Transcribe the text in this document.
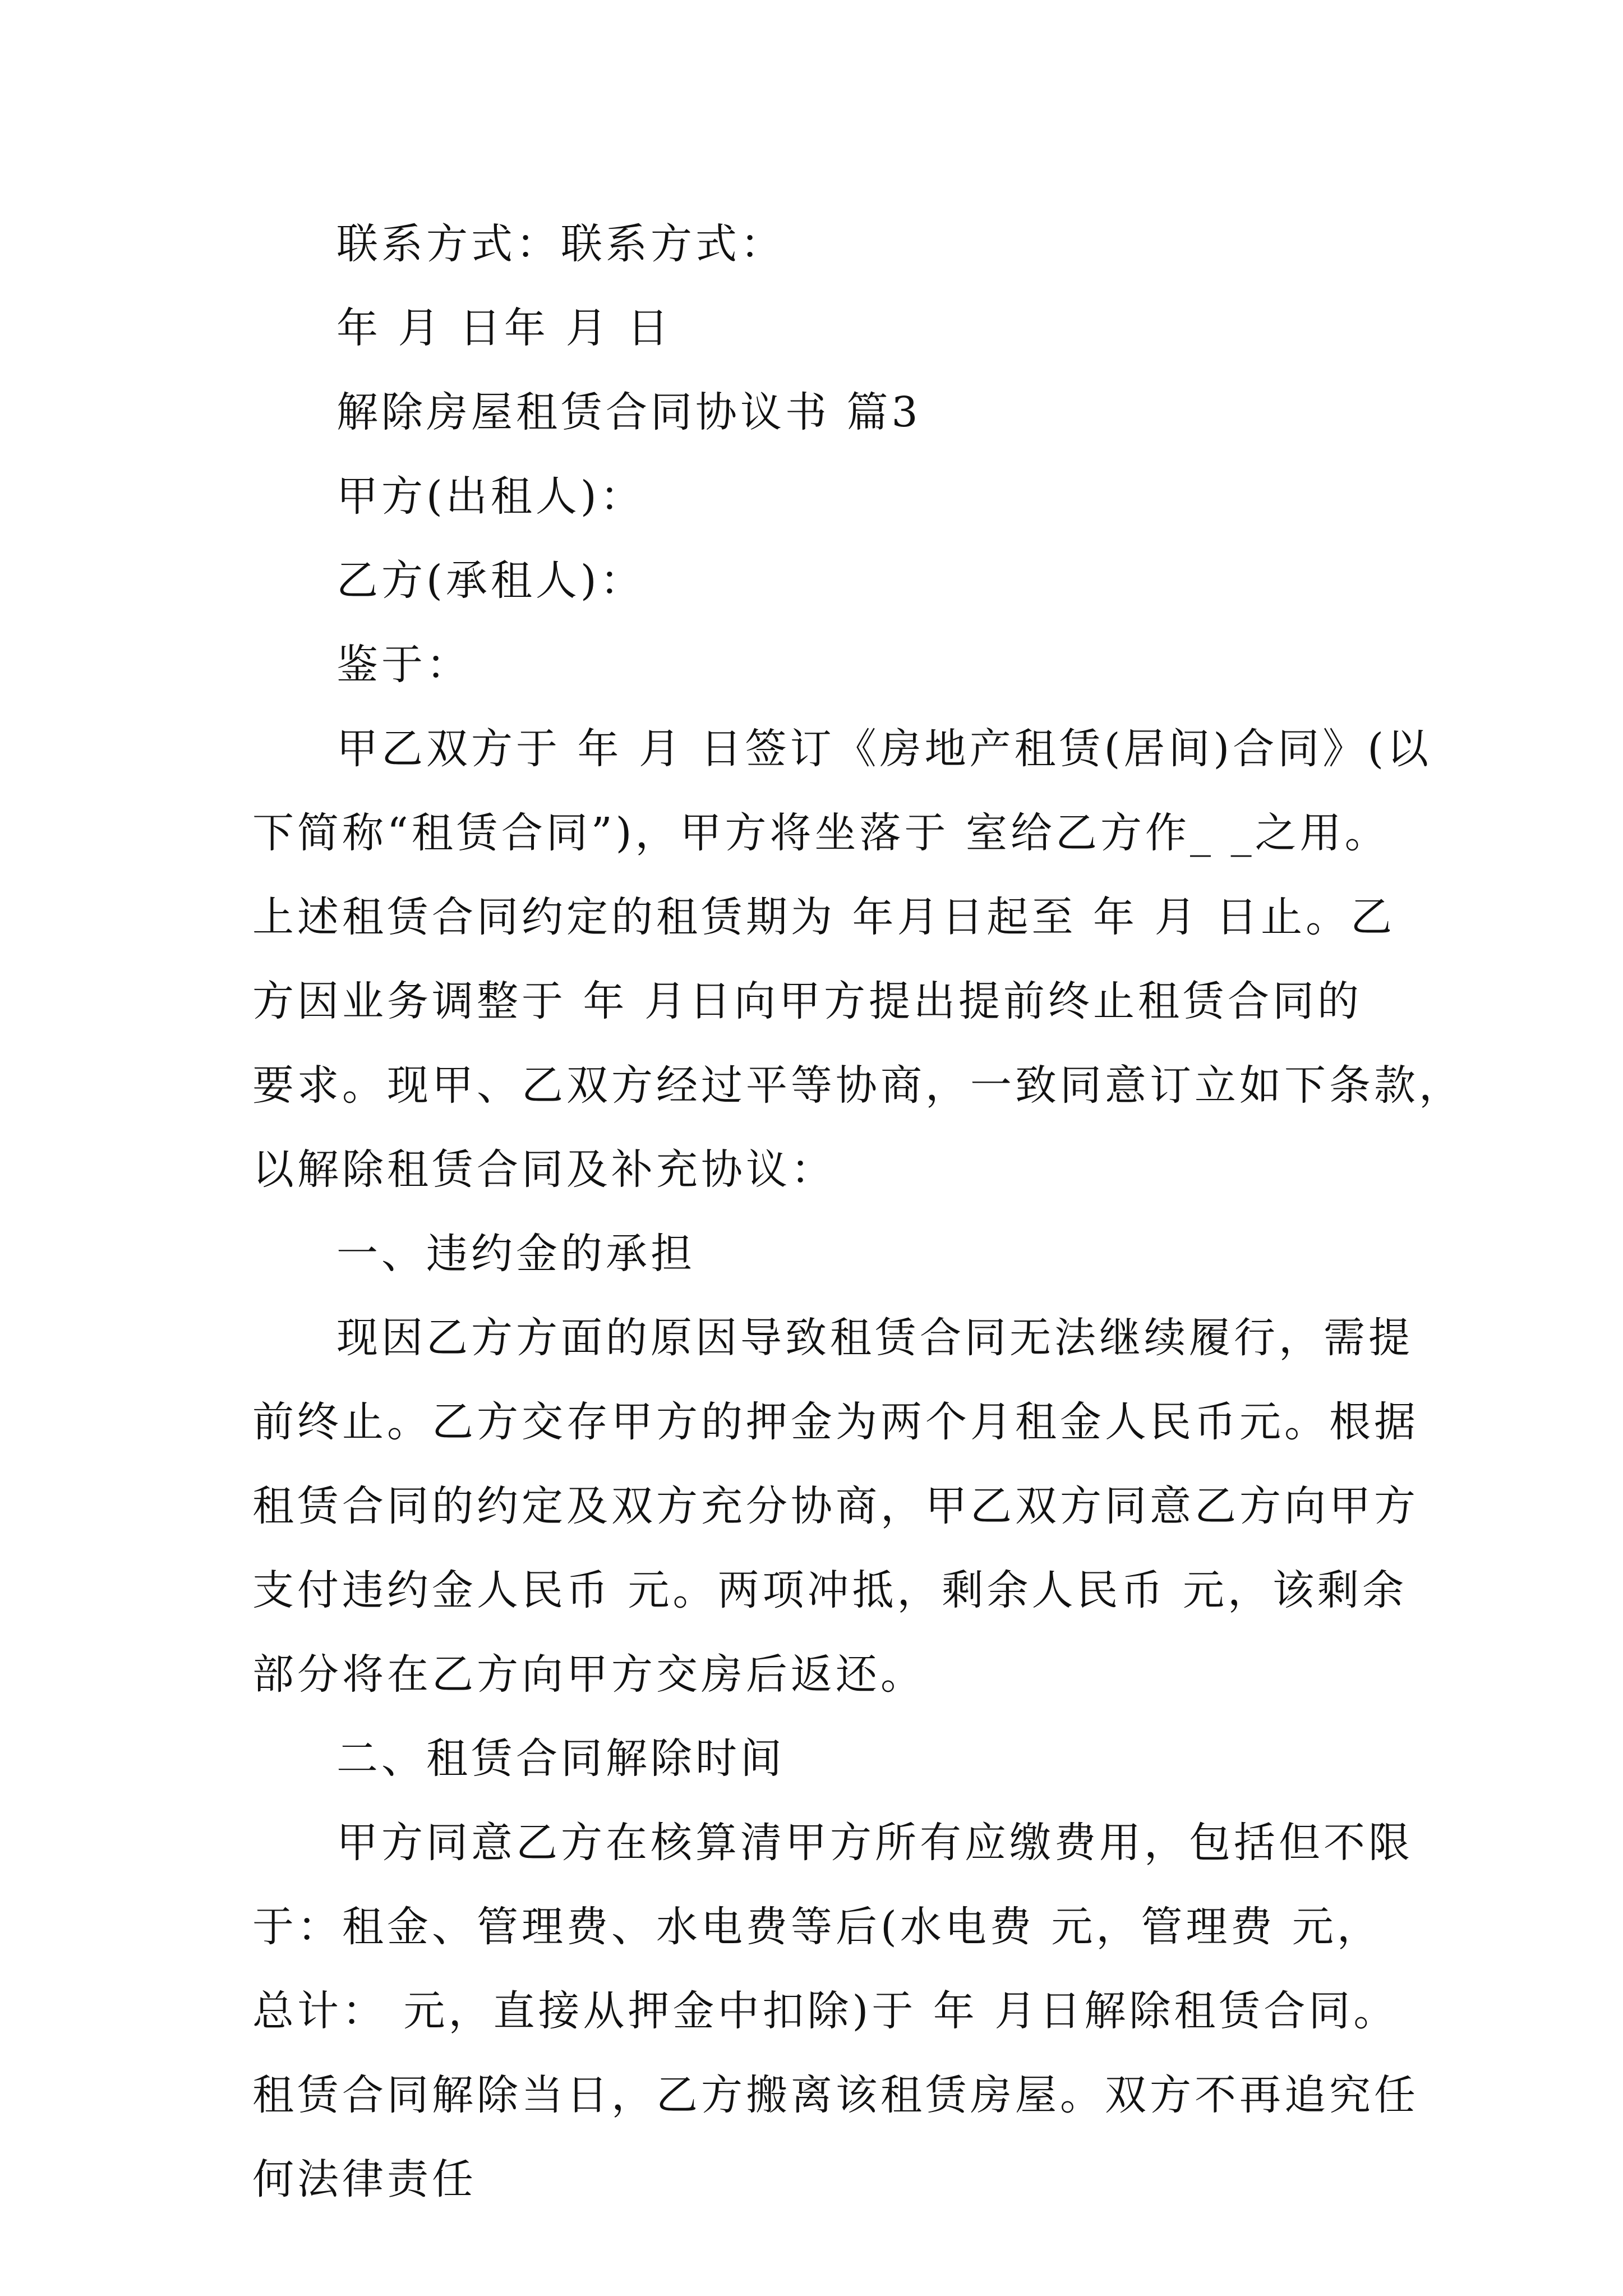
联系方式：联系方式：
年 月 日年 月 日
解除房屋租赁合同协议书 篇3
甲方(出租人)：
乙方(承租人)：
鉴于：
甲乙双方于 年 月 日签订《房地产租赁(居间)合同》(以
下简称“租赁合同”)，甲方将坐落于 室给乙方作_ _之用。
上述租赁合同约定的租赁期为 年月日起至 年 月 日止。乙
方因业务调整于 年 月日向甲方提出提前终止租赁合同的
要求。现甲、乙双方经过平等协商，一致同意订立如下条款，
以解除租赁合同及补充协议：
一、违约金的承担
现因乙方方面的原因导致租赁合同无法继续履行，需提
前终止。乙方交存甲方的押金为两个月租金人民币元。根据
租赁合同的约定及双方充分协商，甲乙双方同意乙方向甲方
支付违约金人民币 元。两项冲抵，剩余人民币 元，该剩余
部分将在乙方向甲方交房后返还。
二、租赁合同解除时间
甲方同意乙方在核算清甲方所有应缴费用，包括但不限
于：租金、管理费、水电费等后(水电费 元，管理费 元，
总计： 元，直接从押金中扣除)于 年 月日解除租赁合同。
租赁合同解除当日，乙方搬离该租赁房屋。双方不再追究任
何法律责任
